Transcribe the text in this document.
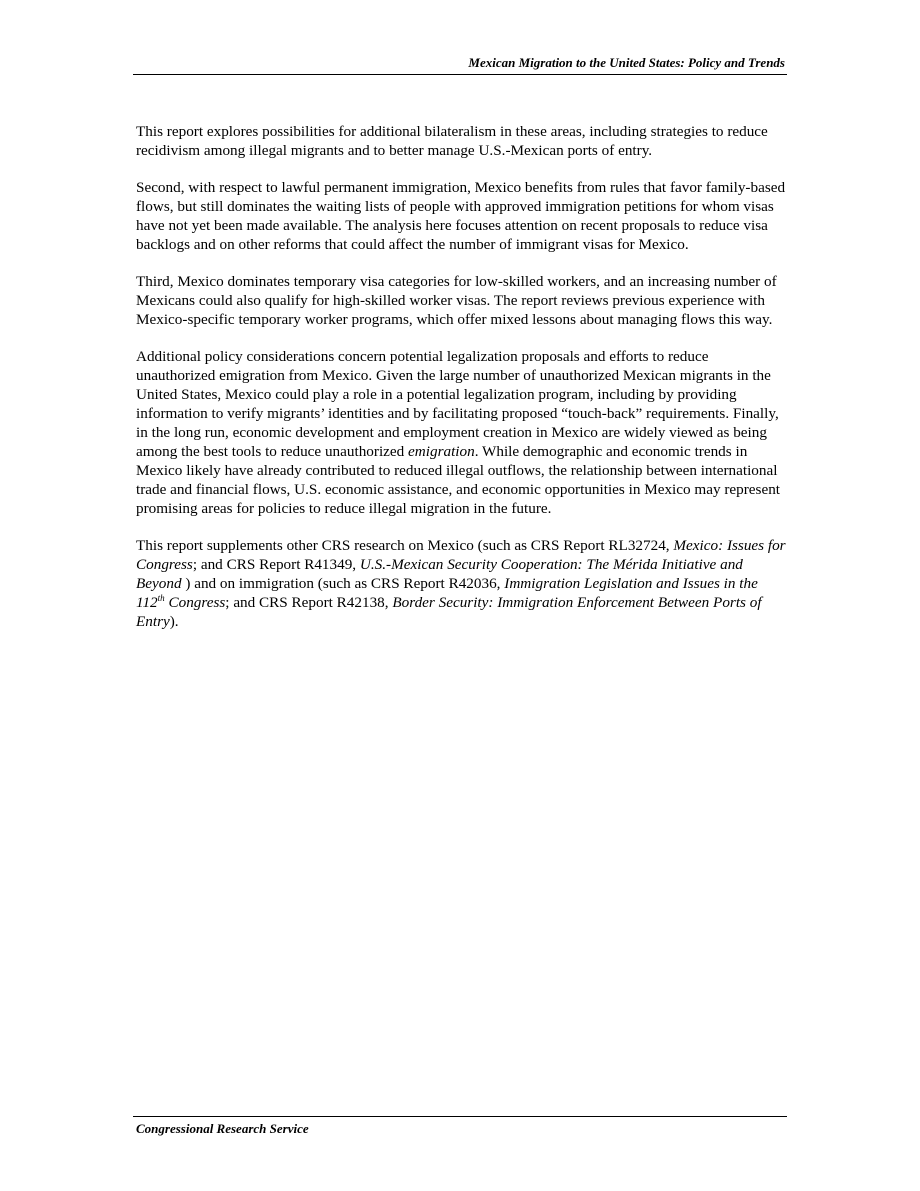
Mexican Migration to the United States: Policy and Trends

This report explores possibilities for additional bilateralism in these areas, including strategies to reduce recidivism among illegal migrants and to better manage U.S.-Mexican ports of entry.

Second, with respect to lawful permanent immigration, Mexico benefits from rules that favor family-based flows, but still dominates the waiting lists of people with approved immigration petitions for whom visas have not yet been made available. The analysis here focuses attention on recent proposals to reduce visa backlogs and on other reforms that could affect the number of immigrant visas for Mexico.

Third, Mexico dominates temporary visa categories for low-skilled workers, and an increasing number of Mexicans could also qualify for high-skilled worker visas. The report reviews previous experience with Mexico-specific temporary worker programs, which offer mixed lessons about managing flows this way.

Additional policy considerations concern potential legalization proposals and efforts to reduce unauthorized emigration from Mexico. Given the large number of unauthorized Mexican migrants in the United States, Mexico could play a role in a potential legalization program, including by providing information to verify migrants’ identities and by facilitating proposed “touch-back” requirements. Finally, in the long run, economic development and employment creation in Mexico are widely viewed as being among the best tools to reduce unauthorized emigration. While demographic and economic trends in Mexico likely have already contributed to reduced illegal outflows, the relationship between international trade and financial flows, U.S. economic assistance, and economic opportunities in Mexico may represent promising areas for policies to reduce illegal migration in the future.

This report supplements other CRS research on Mexico (such as CRS Report RL32724, Mexico: Issues for Congress; and CRS Report R41349, U.S.-Mexican Security Cooperation: The Mérida Initiative and Beyond ) and on immigration (such as CRS Report R42036, Immigration Legislation and Issues in the 112th Congress; and CRS Report R42138, Border Security: Immigration Enforcement Between Ports of Entry).

Congressional Research Service
